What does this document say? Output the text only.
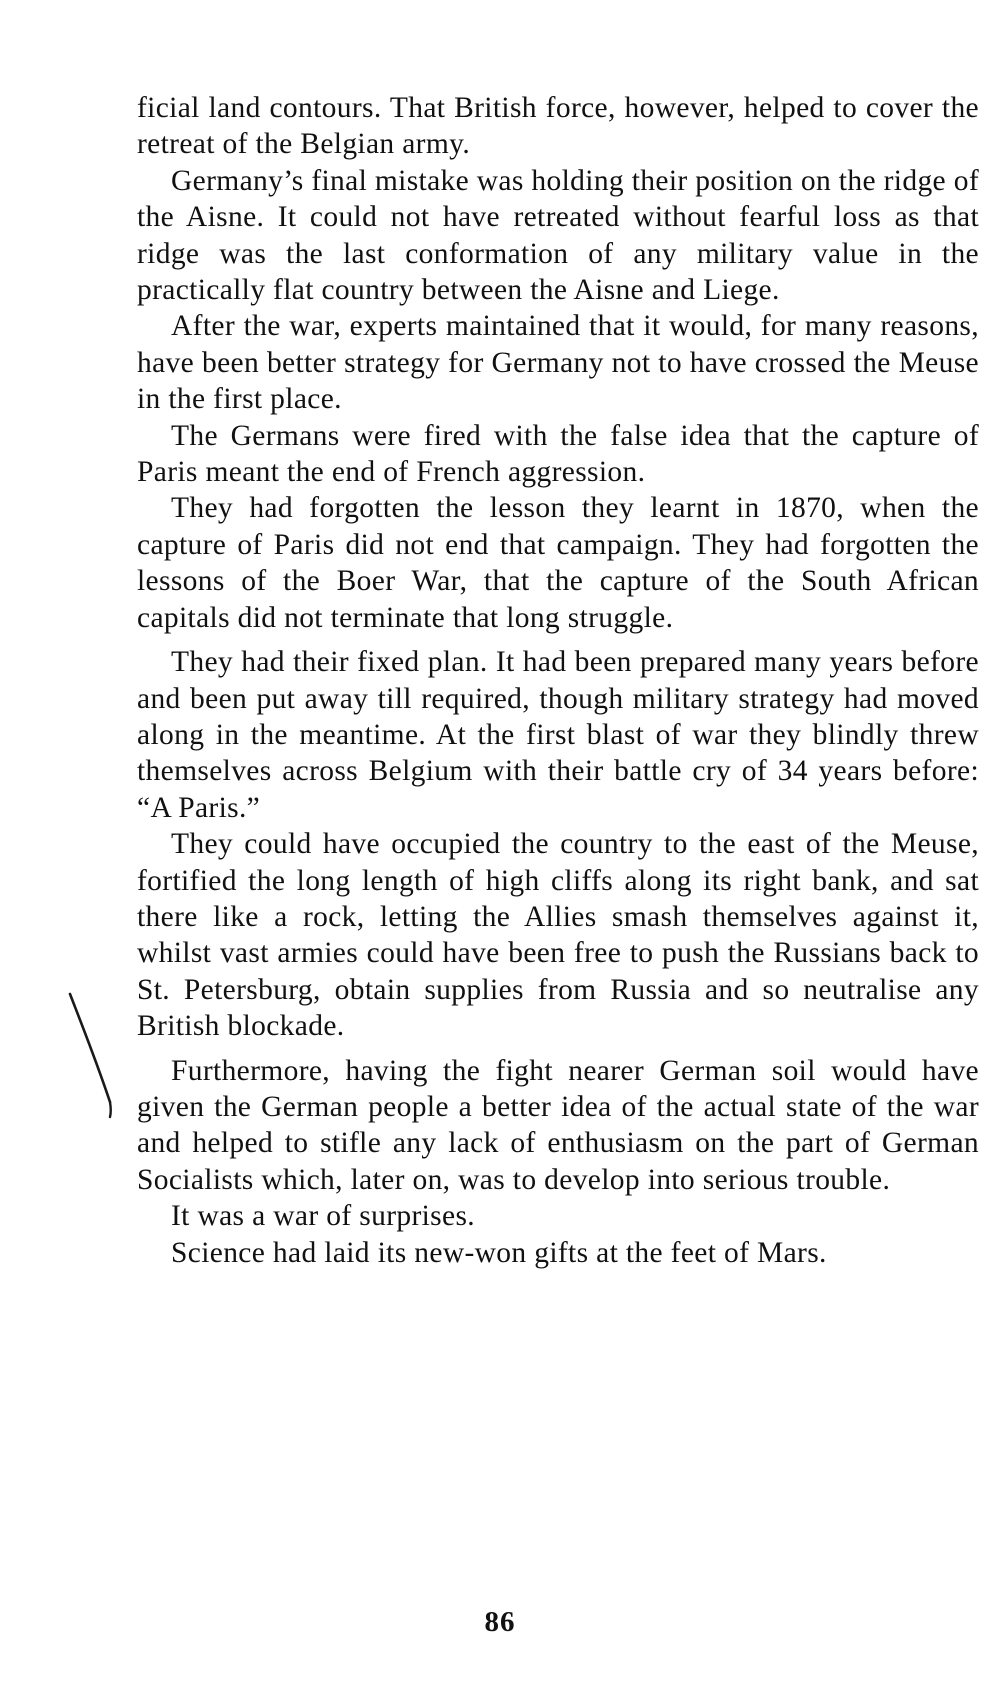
ficial land contours. That British force, however, helped to cover the retreat of the Belgian army.

Germany’s final mistake was holding their position on the ridge of the Aisne. It could not have retreated without fearful loss as that ridge was the last conformation of any military value in the practically flat country between the Aisne and Liege.

After the war, experts maintained that it would, for many reasons, have been better strategy for Germany not to have crossed the Meuse in the first place.

The Germans were fired with the false idea that the capture of Paris meant the end of French aggression.

They had forgotten the lesson they learnt in 1870, when the capture of Paris did not end that campaign. They had forgotten the lessons of the Boer War, that the capture of the South African capitals did not terminate that long struggle.

They had their fixed plan. It had been prepared many years before and been put away till required, though military strategy had moved along in the meantime. At the first blast of war they blindly threw themselves across Belgium with their battle cry of 34 years before: “A Paris.”

They could have occupied the country to the east of the Meuse, fortified the long length of high cliffs along its right bank, and sat there like a rock, letting the Allies smash themselves against it, whilst vast armies could have been free to push the Russians back to St. Petersburg, obtain supplies from Russia and so neutralise any British blockade.

Furthermore, having the fight nearer German soil would have given the German people a better idea of the actual state of the war and helped to stifle any lack of enthusiasm on the part of German Socialists which, later on, was to develop into serious trouble.

It was a war of surprises.

Science had laid its new-won gifts at the feet of Mars.

86
